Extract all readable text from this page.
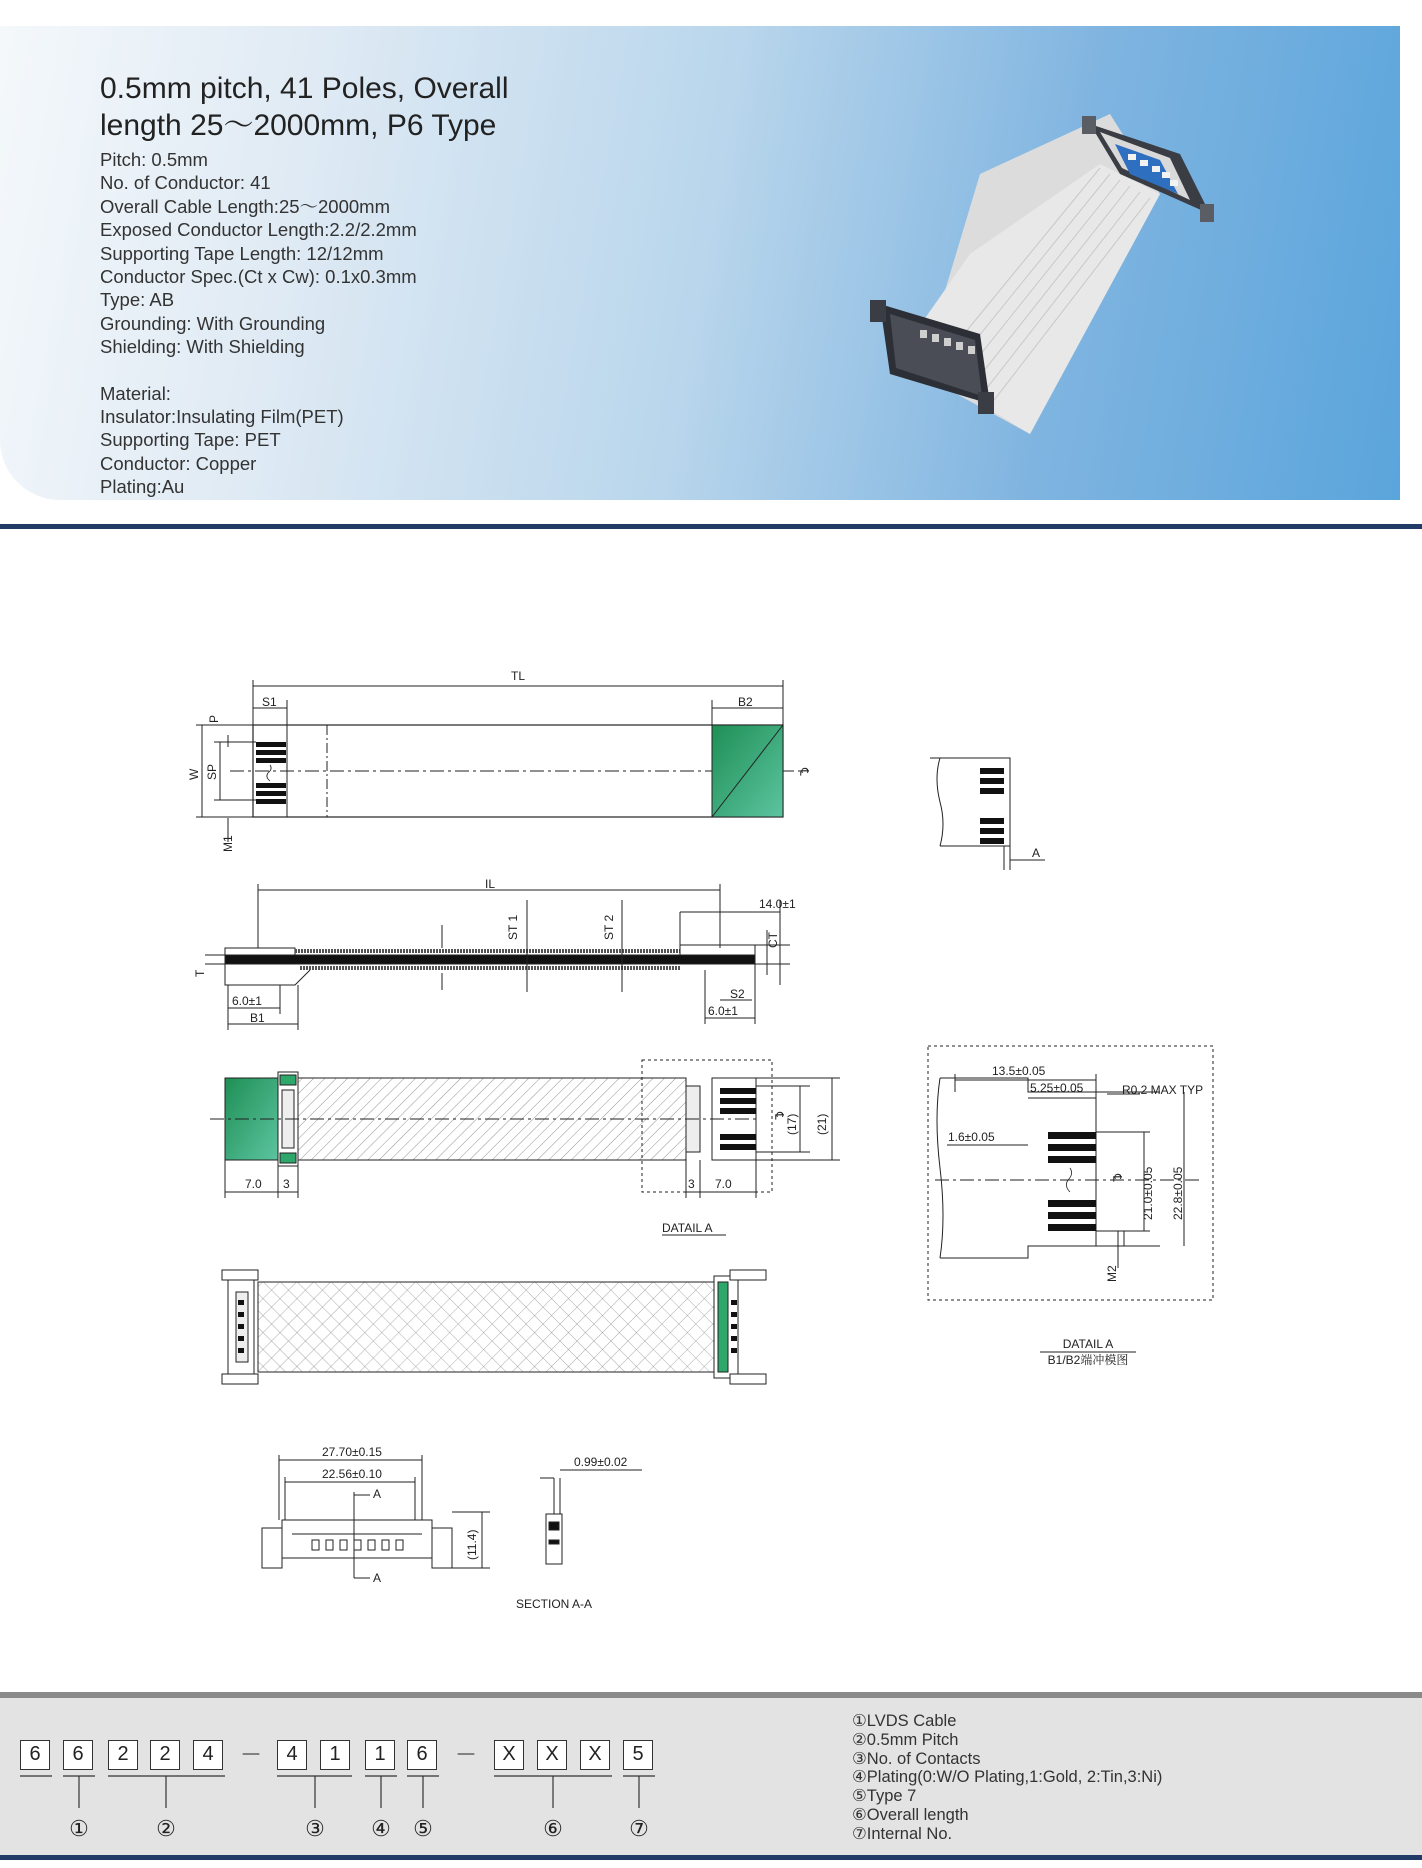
0.5mm pitch, 41 Poles, Overall
length 25～2000mm, P6 Type
Pitch: 0.5mm
No. of Conductor: 41
Overall Cable Length:25～2000mm
Exposed Conductor Length:2.2/2.2mm
Supporting Tape Length: 12/12mm
Conductor Spec.(Ct x Cw): 0.1x0.3mm
Type: AB
Grounding: With Grounding
Shielding: With Shielding
Material:
Insulator:Insulating Film(PET)
Supporting Tape: PET
Conductor: Copper
Plating:Au
TL
S1	B2
P
W SP
M1
℄
A
IL
ST 1	ST 2
14.0±1
CT
T
6.0±1
B1
S2
6.0±1
7.0 3	3 7.0
℄ (17) (21)
DATAIL A
13.5±0.05
5.25±0.05	R0.2 MAX TYP
1.6±0.05
℄ 21.0±0.05 22.8±0.05
M2
DATAIL A
B1/B2端冲模图
27.70±0.15
22.56±0.10
A
A
(11.4)
0.99±0.02
SECTION A-A
6	6	2	2	4	－	4	1	1	6	－	X	X	X	5
①	②	③ ④ ⑤	⑥	⑦
①LVDS Cable
②0.5mm Pitch
③No. of Contacts
④Plating(0:W/O Plating,1:Gold, 2:Tin,3:Ni)
⑤Type 7
⑥Overall length
⑦Internal No.
